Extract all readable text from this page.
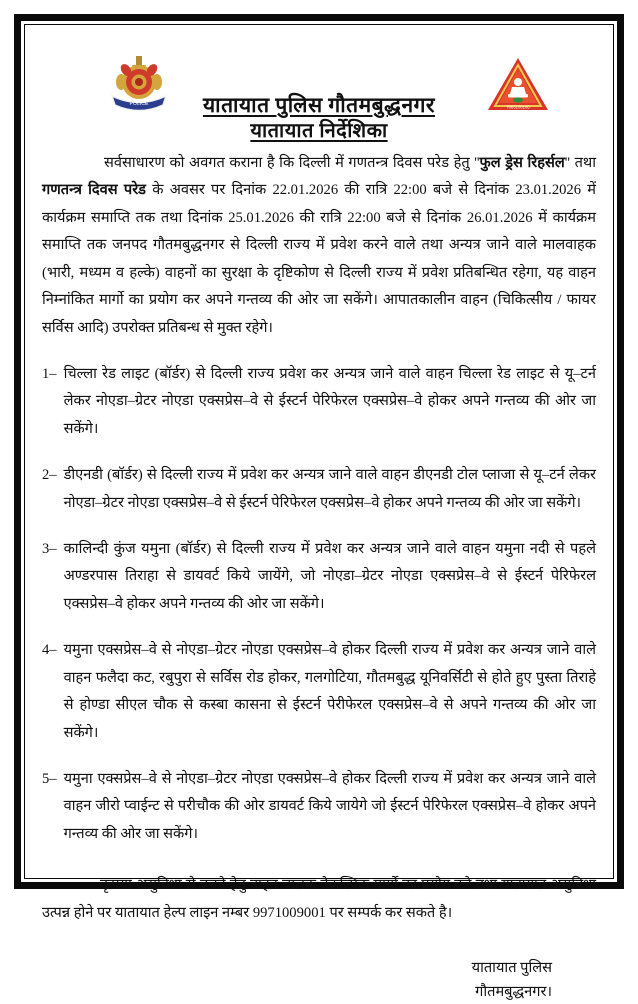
POLICE	7065100100
यातायात पुलिस गौतमबुद्धनगर
यातायात निर्देशिका

सर्वसाधारण को अवगत कराना है कि दिल्ली में गणतन्त्र दिवस परेड हेतु ''फुल ड्रेस रिहर्सल'' तथा गणतन्त्र दिवस परेड के अवसर पर दिनांक 22.01.2026 की रात्रि 22:00 बजे से दिनांक 23.01.2026 में कार्यक्रम समाप्ति तक तथा दिनांक 25.01.2026 की रात्रि 22:00 बजे से दिनांक 26.01.2026 में कार्यक्रम समाप्ति तक जनपद गौतमबुद्धनगर से दिल्ली राज्य में प्रवेश करने वाले तथा अन्यत्र जाने वाले मालवाहक (भारी, मध्यम व हल्के) वाहनों का सुरक्षा के दृष्टिकोण से दिल्ली राज्य में प्रवेश प्रतिबन्धित रहेगा, यह वाहन निम्नांकित मार्गो का प्रयोग कर अपने गन्तव्य की ओर जा सकेंगे। आपातकालीन वाहन (चिकित्सीय / फायर सर्विस आदि) उपरोक्त प्रतिबन्ध से मुक्त रहेगे।

1– चिल्ला रेड लाइट (बॉर्डर) से दिल्ली राज्य प्रवेश कर अन्यत्र जाने वाले वाहन चिल्ला रेड लाइट से यू–टर्न लेकर नोएडा–ग्रेटर नोएडा एक्सप्रेस–वे से ईस्टर्न पेरिफेरल एक्सप्रेस–वे होकर अपने गन्तव्य की ओर जा सकेंगे।
2– डीएनडी (बॉर्डर) से दिल्ली राज्य में प्रवेश कर अन्यत्र जाने वाले वाहन डीएनडी टोल प्लाजा से यू–टर्न लेकर नोएडा–ग्रेटर नोएडा एक्सप्रेस–वे से ईस्टर्न पेरिफेरल एक्सप्रेस–वे होकर अपने गन्तव्य की ओर जा सकेंगे।
3– कालिन्दी कुंज यमुना (बॉर्डर) से दिल्ली राज्य में प्रवेश कर अन्यत्र जाने वाले वाहन यमुना नदी से पहले अण्डरपास तिराहा से डायवर्ट किये जायेंगे, जो नोएडा–ग्रेटर नोएडा एक्सप्रेस–वे से ईस्टर्न पेरिफेरल एक्सप्रेस–वे होकर अपने गन्तव्य की ओर जा सकेंगे।
4– यमुना एक्सप्रेस–वे से नोएडा–ग्रेटर नोएडा एक्सप्रेस–वे होकर दिल्ली राज्य में प्रवेश कर अन्यत्र जाने वाले वाहन फलैदा कट, रबुपुरा से सर्विस रोड होकर, गलगोटिया, गौतमबुद्ध यूनिवर्सिटी से होते हुए पुस्ता तिराहे से होण्डा सीएल चौक से कस्बा कासना से ईस्टर्न पेरीफेरल एक्सप्रेस–वे से अपने गन्तव्य की ओर जा सकेंगे।
5– यमुना एक्सप्रेस–वे से नोएडा–ग्रेटर नोएडा एक्सप्रेस–वे होकर दिल्ली राज्य में प्रवेश कर अन्यत्र जाने वाले वाहन जीरो प्वाईन्ट से परीचौक की ओर डायवर्ट किये जायेगे जो ईस्टर्न पेरिफेरल एक्सप्रेस–वे होकर अपने गन्तव्य की ओर जा सकेंगे।

कृपया असुविधा से बचने हेतु वाहन चालक वैकल्पिक मार्गो का प्रयोग करे तथा यातायात असुविधा उत्पन्न होने पर यातायात हेल्प लाइन नम्बर 9971009001 पर सम्पर्क कर सकते है।

यातायात पुलिस
गौतमबुद्धनगर।
